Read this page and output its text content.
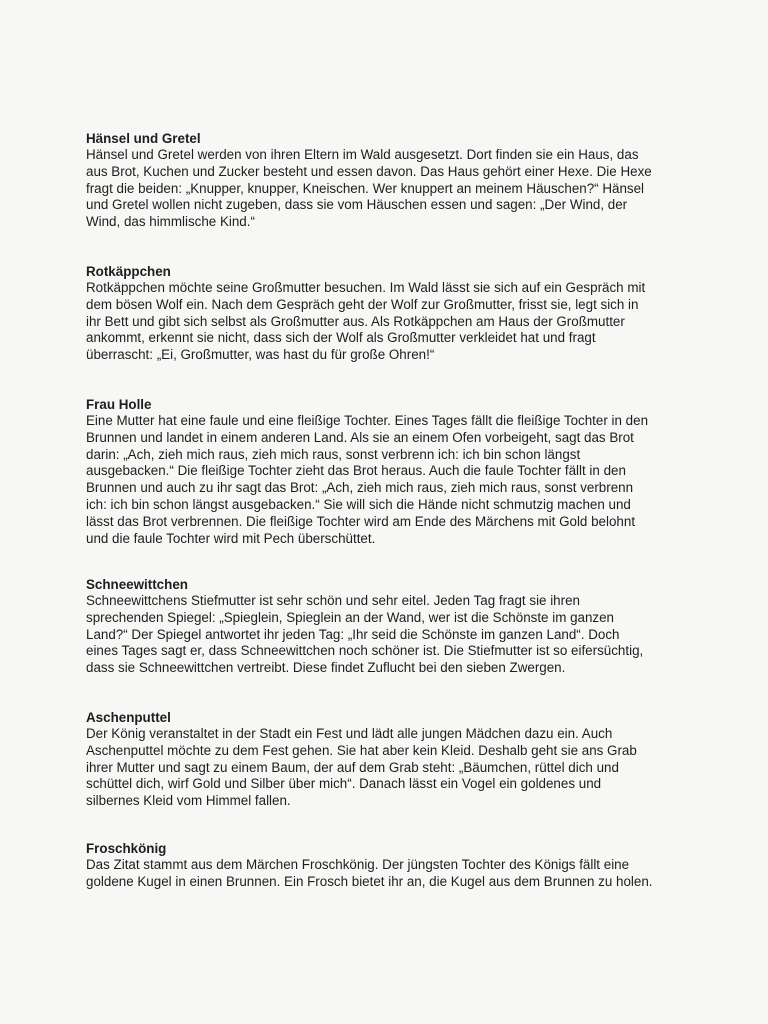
Hänsel und Gretel

Hänsel und Gretel werden von ihren Eltern im Wald ausgesetzt. Dort finden sie ein Haus, das

aus Brot, Kuchen und Zucker besteht und essen davon. Das Haus gehört einer Hexe. Die Hexe

fragt die beiden: „Knupper, knupper, Kneischen. Wer knuppert an meinem Häuschen?“ Hänsel

und Gretel wollen nicht zugeben, dass sie vom Häuschen essen und sagen: „Der Wind, der

Wind, das himmlische Kind.“

Rotkäppchen

Rotkäppchen möchte seine Großmutter besuchen. Im Wald lässt sie sich auf ein Gespräch mit

dem bösen Wolf ein. Nach dem Gespräch geht der Wolf zur Großmutter, frisst sie, legt sich in

ihr Bett und gibt sich selbst als Großmutter aus. Als Rotkäppchen am Haus der Großmutter

ankommt, erkennt sie nicht, dass sich der Wolf als Großmutter verkleidet hat und fragt

überrascht: „Ei, Großmutter, was hast du für große Ohren!“

Frau Holle

Eine Mutter hat eine faule und eine fleißige Tochter. Eines Tages fällt die fleißige Tochter in den

Brunnen und landet in einem anderen Land. Als sie an einem Ofen vorbeigeht, sagt das Brot

darin: „Ach, zieh mich raus, zieh mich raus, sonst verbrenn ich: ich bin schon längst

ausgebacken.“ Die fleißige Tochter zieht das Brot heraus. Auch die faule Tochter fällt in den

Brunnen und auch zu ihr sagt das Brot: „Ach, zieh mich raus, zieh mich raus, sonst verbrenn

ich: ich bin schon längst ausgebacken.“ Sie will sich die Hände nicht schmutzig machen und

lässt das Brot verbrennen. Die fleißige Tochter wird am Ende des Märchens mit Gold belohnt

und die faule Tochter wird mit Pech überschüttet.

Schneewittchen

Schneewittchens Stiefmutter ist sehr schön und sehr eitel. Jeden Tag fragt sie ihren

sprechenden Spiegel: „Spieglein, Spieglein an der Wand, wer ist die Schönste im ganzen

Land?“ Der Spiegel antwortet ihr jeden Tag: „Ihr seid die Schönste im ganzen Land“. Doch

eines Tages sagt er, dass Schneewittchen noch schöner ist. Die Stiefmutter ist so eifersüchtig,

dass sie Schneewittchen vertreibt. Diese findet Zuflucht bei den sieben Zwergen.

Aschenputtel

Der König veranstaltet in der Stadt ein Fest und lädt alle jungen Mädchen dazu ein. Auch

Aschenputtel möchte zu dem Fest gehen. Sie hat aber kein Kleid. Deshalb geht sie ans Grab

ihrer Mutter und sagt zu einem Baum, der auf dem Grab steht: „Bäumchen, rüttel dich und

schüttel dich, wirf Gold und Silber über mich“. Danach lässt ein Vogel ein goldenes und

silbernes Kleid vom Himmel fallen.

Froschkönig

Das Zitat stammt aus dem Märchen Froschkönig. Der jüngsten Tochter des Königs fällt eine

goldene Kugel in einen Brunnen. Ein Frosch bietet ihr an, die Kugel aus dem Brunnen zu holen.
